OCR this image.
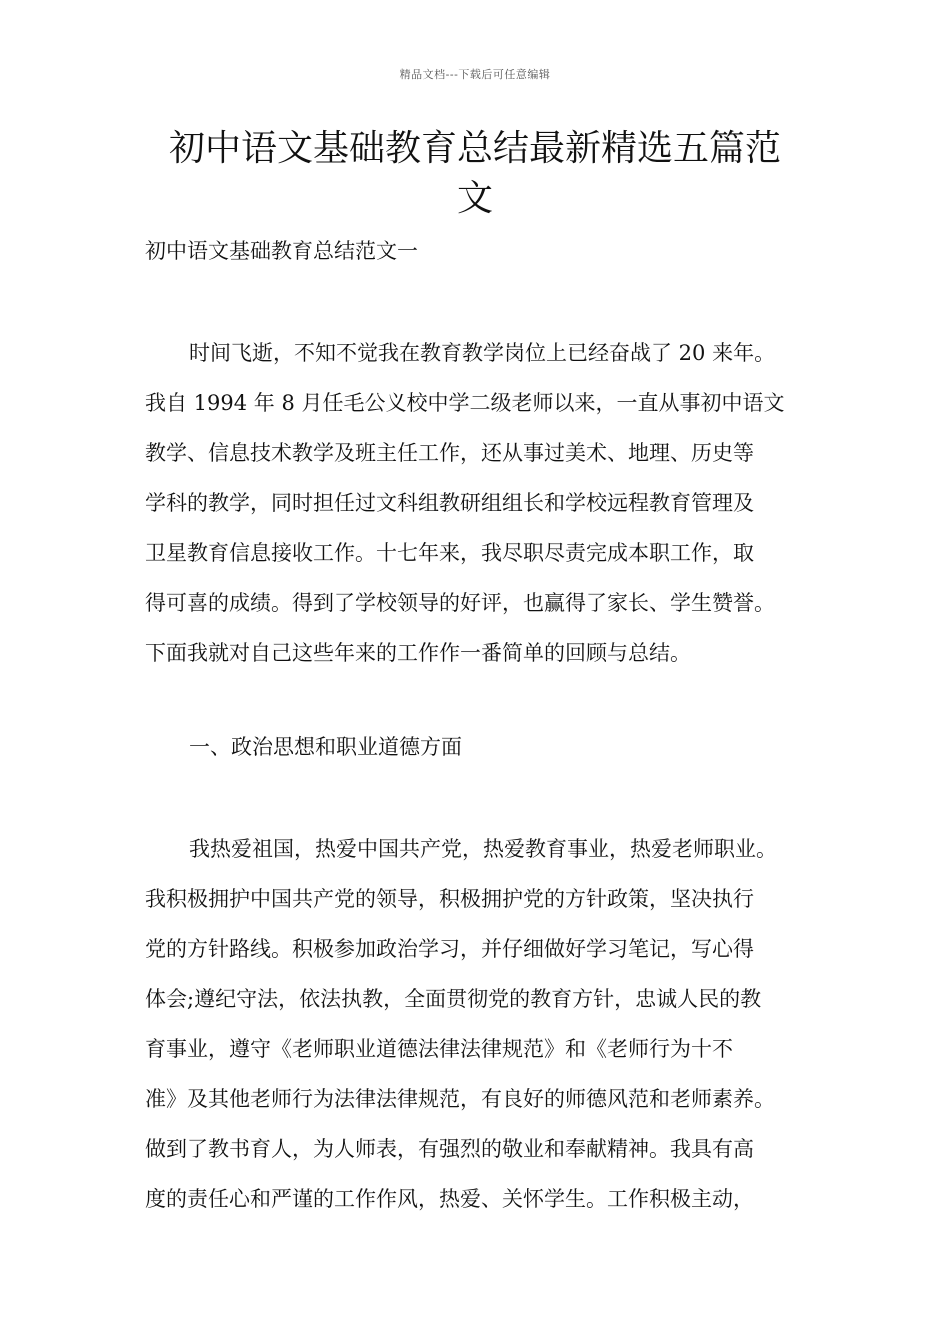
精品文档---下载后可任意编辑
初中语文基础教育总结最新精选五篇范
文
初中语文基础教育总结范文一
时间飞逝，不知不觉我在教育教学岗位上已经奋战了 20 来年。
我自 1994 年 8 月任毛公义校中学二级老师以来，一直从事初中语文
教学、信息技术教学及班主任工作，还从事过美术、地理、历史等
学科的教学，同时担任过文科组教研组组长和学校远程教育管理及
卫星教育信息接收工作。十七年来，我尽职尽责完成本职工作，取
得可喜的成绩。得到了学校领导的好评，也赢得了家长、学生赞誉。
下面我就对自己这些年来的工作作一番简单的回顾与总结。
一、政治思想和职业道德方面
我热爱祖国，热爱中国共产党，热爱教育事业，热爱老师职业。
我积极拥护中国共产党的领导，积极拥护党的方针政策，坚决执行
党的方针路线。积极参加政治学习，并仔细做好学习笔记，写心得
体会;遵纪守法，依法执教，全面贯彻党的教育方针，忠诚人民的教
育事业，遵守《老师职业道德法律法律规范》和《老师行为十不
准》及其他老师行为法律法律规范，有良好的师德风范和老师素养。
做到了教书育人，为人师表，有强烈的敬业和奉献精神。我具有高
度的责任心和严谨的工作作风，热爱、关怀学生。工作积极主动，
